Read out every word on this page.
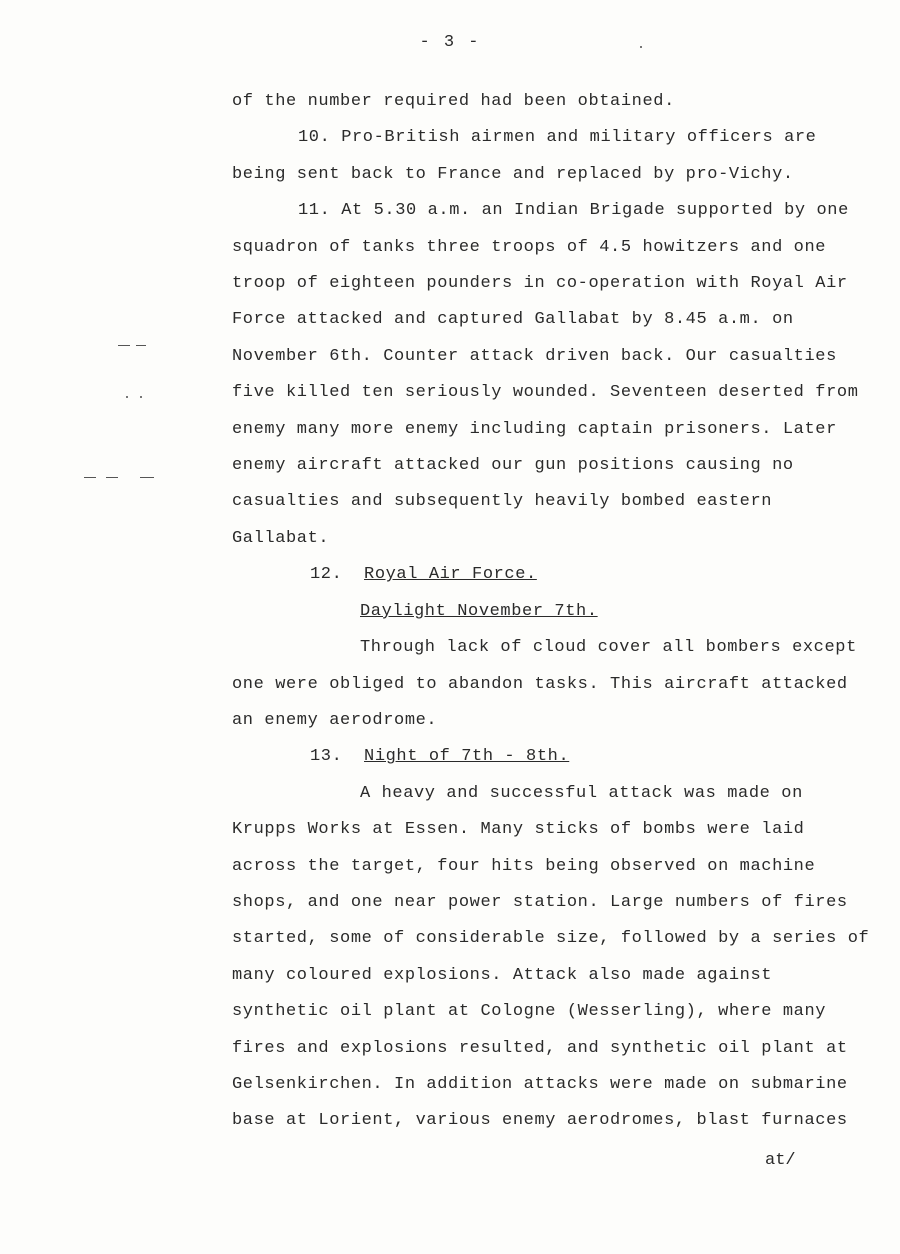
- 3 -

of the number required had been obtained.

10. Pro-British airmen and military officers are being sent back to France and replaced by pro-Vichy.

11. At 5.30 a.m. an Indian Brigade supported by one squadron of tanks three troops of 4.5 howitzers and one troop of eighteen pounders in co-operation with Royal Air Force attacked and captured Gallabat by 8.45 a.m. on November 6th. Counter attack driven back. Our casualties five killed ten seriously wounded. Seventeen deserted from enemy many more enemy including captain prisoners. Later enemy aircraft attacked our gun positions causing no casualties and subsequently heavily bombed eastern Gallabat.

12. Royal Air Force.

Daylight November 7th.

Through lack of cloud cover all bombers except one were obliged to abandon tasks. This aircraft attacked an enemy aerodrome.

13. Night of 7th - 8th.

A heavy and successful attack was made on Krupps Works at Essen. Many sticks of bombs were laid across the target, four hits being observed on machine shops, and one near power station. Large numbers of fires started, some of considerable size, followed by a series of many coloured explosions. Attack also made against synthetic oil plant at Cologne (Wesserling), where many fires and explosions resulted, and synthetic oil plant at Gelsenkirchen. In addition attacks were made on submarine base at Lorient, various enemy aerodromes, blast furnaces

at/
